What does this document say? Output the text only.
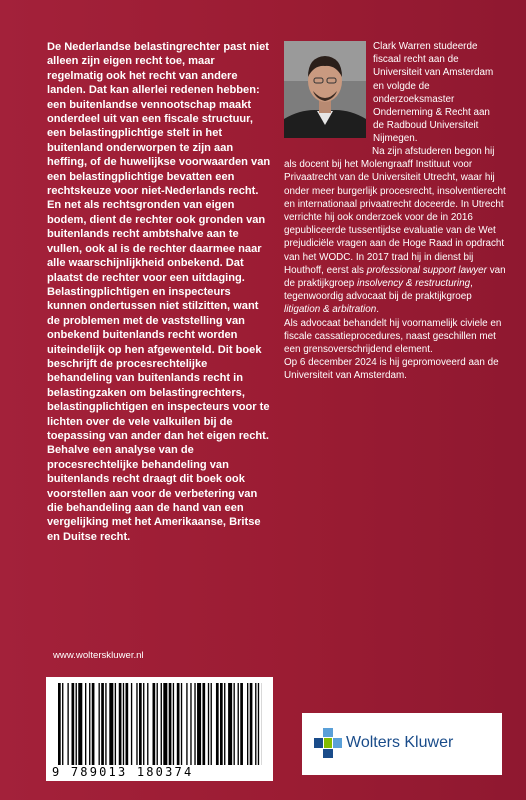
De Nederlandse belastingrechter past niet alleen zijn eigen recht toe, maar regelmatig ook het recht van andere landen. Dat kan allerlei redenen hebben: een buitenlandse vennootschap maakt onderdeel uit van een fiscale structuur, een belastingplichtige stelt in het buitenland onderworpen te zijn aan heffing, of de huwelijkse voorwaarden van een belastingplichtige bevatten een rechtskeuze voor niet-Nederlands recht. En net als rechtsgronden van eigen bodem, dient de rechter ook gronden van buitenlands recht ambtshalve aan te vullen, ook al is de rechter daarmee naar alle waarschijnlijkheid onbekend. Dat plaatst de rechter voor een uitdaging. Belastingplichtigen en inspecteurs kunnen ondertussen niet stilzitten, want de problemen met de vaststelling van onbekend buitenlands recht worden uiteindelijk op hen afgewenteld. Dit boek beschrijft de procesrechtelijke behandeling van buitenlands recht in belastingzaken om belastingrechters, belastingplichtigen en inspecteurs voor te lichten over de vele valkuilen bij de toepassing van ander dan het eigen recht. Behalve een analyse van de procesrechtelijke behandeling van buitenlands recht draagt dit boek ook voorstellen aan voor de verbetering van die behandeling aan de hand van een vergelijking met het Amerikaanse, Britse en Duitse recht.

Clark Warren studeerde fiscaal recht aan de Universiteit van Amsterdam en volgde de onderzoeksmaster Onderneming & Recht aan de Radboud Universiteit Nijmegen.

Na zijn afstuderen begon hij als docent bij het Molengraaff Instituut voor Privaatrecht van de Universiteit Utrecht, waar hij onder meer burgerlijk procesrecht, insolventierecht en internationaal privaatrecht doceerde. In Utrecht verrichte hij ook onderzoek voor de in 2016 gepubliceerde tussentijdse evaluatie van de Wet prejudiciële vragen aan de Hoge Raad in opdracht van het WODC. In 2017 trad hij in dienst bij Houthoff, eerst als professional support lawyer van de praktijkgroep insolvency & restructuring, tegenwoordig advocaat bij de praktijkgroep litigation & arbitration.

Als advocaat behandelt hij voornamelijk civiele en fiscale cassatieprocedures, naast geschillen met een grensoverschrijdend element.

Op 6 december 2024 is hij gepromoveerd aan de Universiteit van Amsterdam.

www.wolterskluwer.nl
9 789013 180374
Wolters Kluwer
